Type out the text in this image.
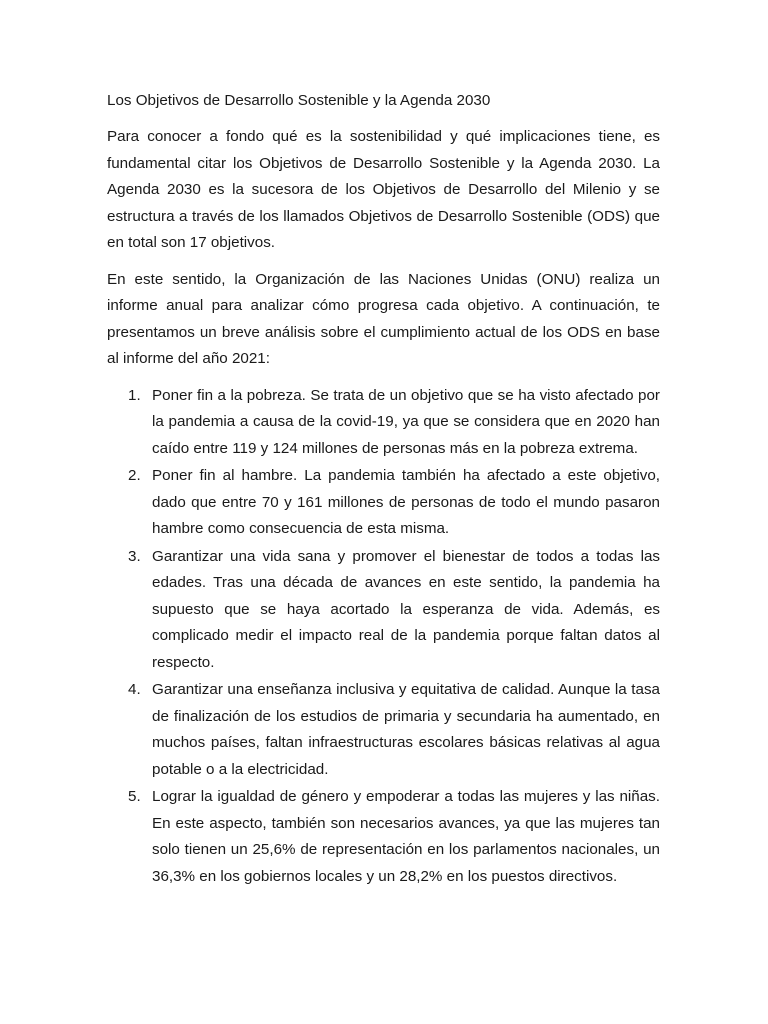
Los Objetivos de Desarrollo Sostenible y la Agenda 2030

Para conocer a fondo qué es la sostenibilidad y qué implicaciones tiene, es fundamental citar los Objetivos de Desarrollo Sostenible y la Agenda 2030. La Agenda 2030 es la sucesora de los Objetivos de Desarrollo del Milenio y se estructura a través de los llamados Objetivos de Desarrollo Sostenible (ODS) que en total son 17 objetivos.

En este sentido, la Organización de las Naciones Unidas (ONU) realiza un informe anual para analizar cómo progresa cada objetivo. A continuación, te presentamos un breve análisis sobre el cumplimiento actual de los ODS en base al informe del año 2021:

1. Poner fin a la pobreza. Se trata de un objetivo que se ha visto afectado por la pandemia a causa de la covid-19, ya que se considera que en 2020 han caído entre 119 y 124 millones de personas más en la pobreza extrema.
2. Poner fin al hambre. La pandemia también ha afectado a este objetivo, dado que entre 70 y 161 millones de personas de todo el mundo pasaron hambre como consecuencia de esta misma.
3. Garantizar una vida sana y promover el bienestar de todos a todas las edades. Tras una década de avances en este sentido, la pandemia ha supuesto que se haya acortado la esperanza de vida. Además, es complicado medir el impacto real de la pandemia porque faltan datos al respecto.
4. Garantizar una enseñanza inclusiva y equitativa de calidad. Aunque la tasa de finalización de los estudios de primaria y secundaria ha aumentado, en muchos países, faltan infraestructuras escolares básicas relativas al agua potable o a la electricidad.
5. Lograr la igualdad de género y empoderar a todas las mujeres y las niñas. En este aspecto, también son necesarios avances, ya que las mujeres tan solo tienen un 25,6% de representación en los parlamentos nacionales, un 36,3% en los gobiernos locales y un 28,2% en los puestos directivos.
